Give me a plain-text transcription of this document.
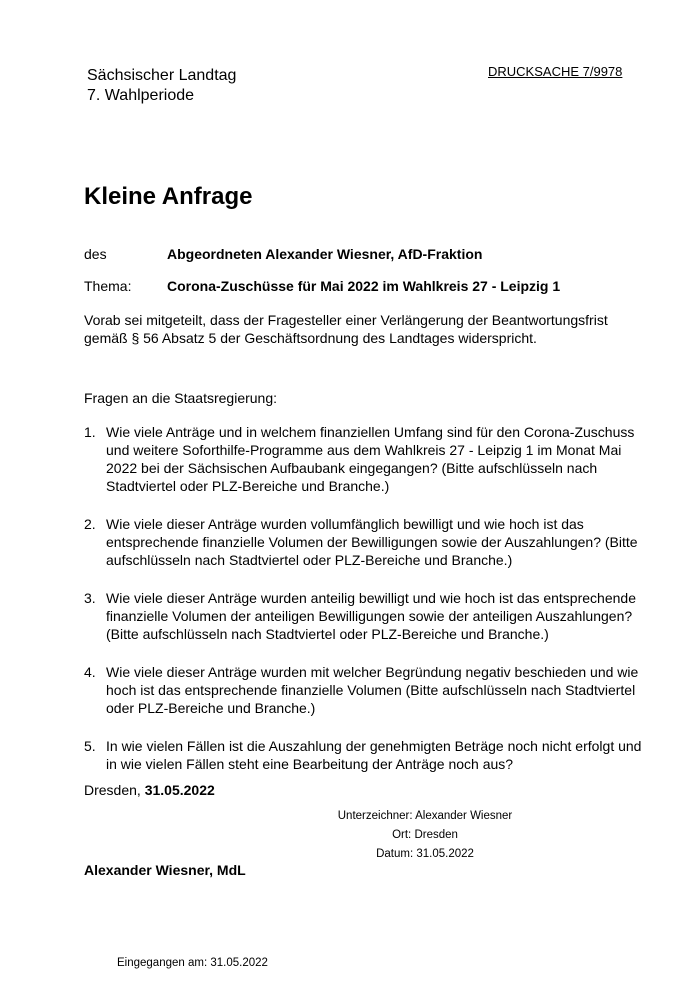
Sächsischer Landtag
7. Wahlperiode
DRUCKSACHE 7/9978
Kleine Anfrage
des	Abgeordneten Alexander Wiesner, AfD-Fraktion
Thema:	Corona-Zuschüsse für Mai 2022 im Wahlkreis 27 - Leipzig 1
Vorab sei mitgeteilt, dass der Fragesteller einer Verlängerung der Beantwortungsfrist gemäß § 56 Absatz 5 der Geschäftsordnung des Landtages widerspricht.
Fragen an die Staatsregierung:
1. Wie viele Anträge und in welchem finanziellen Umfang sind für den Corona-Zuschuss und weitere Soforthilfe-Programme aus dem Wahlkreis 27 - Leipzig 1 im Monat Mai 2022 bei der Sächsischen Aufbaubank eingegangen? (Bitte aufschlüsseln nach Stadtviertel oder PLZ-Bereiche und Branche.)
2. Wie viele dieser Anträge wurden vollumfänglich bewilligt und wie hoch ist das entsprechende finanzielle Volumen der Bewilligungen sowie der Auszahlungen? (Bitte aufschlüsseln nach Stadtviertel oder PLZ-Bereiche und Branche.)
3. Wie viele dieser Anträge wurden anteilig bewilligt und wie hoch ist das entsprechende finanzielle Volumen der anteiligen Bewilligungen sowie der anteiligen Auszahlungen? (Bitte aufschlüsseln nach Stadtviertel oder PLZ-Bereiche und Branche.)
4. Wie viele dieser Anträge wurden mit welcher Begründung negativ beschieden und wie hoch ist das entsprechende finanzielle Volumen (Bitte aufschlüsseln nach Stadtviertel oder PLZ-Bereiche und Branche.)
5. In wie vielen Fällen ist die Auszahlung der genehmigten Beträge noch nicht erfolgt und in wie vielen Fällen steht eine Bearbeitung der Anträge noch aus?
Dresden, 31.05.2022
Unterzeichner: Alexander Wiesner
Ort: Dresden
Datum: 31.05.2022
Alexander Wiesner, MdL
Eingegangen am: 31.05.2022
